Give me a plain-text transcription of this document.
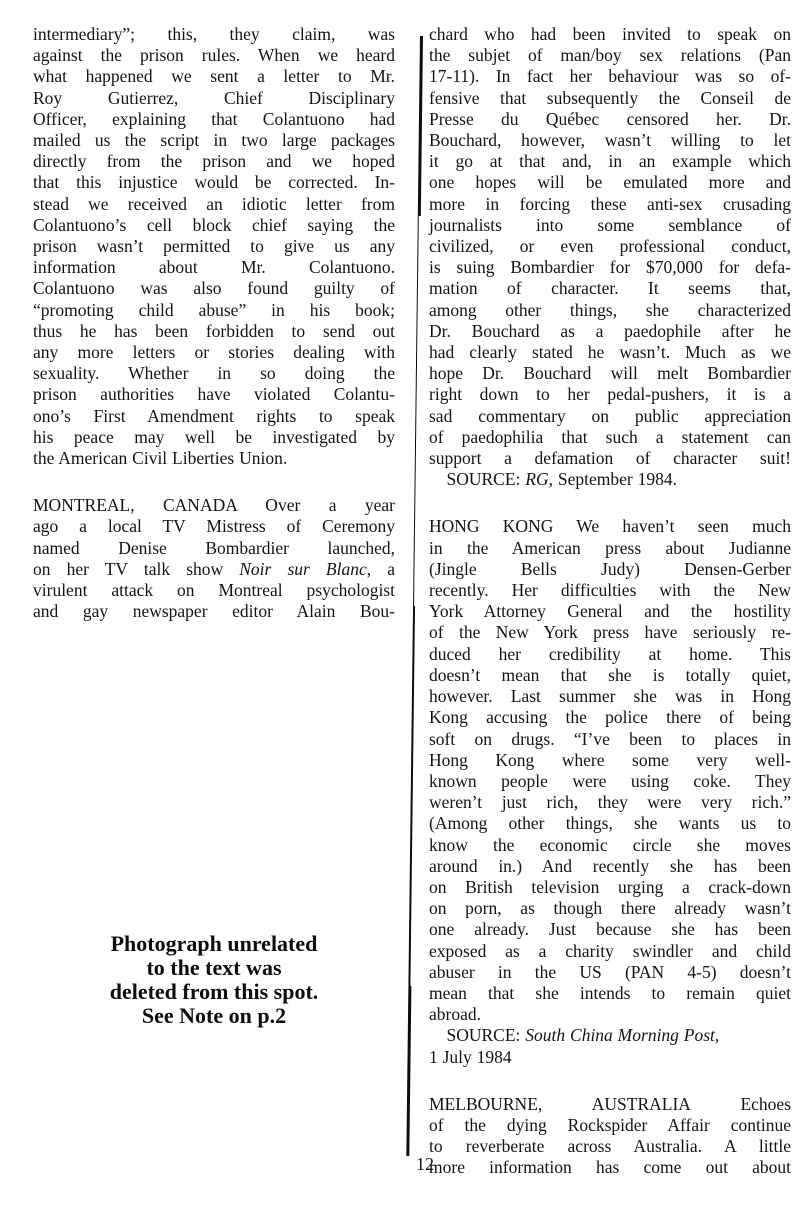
intermediary”; this, they claim, was
against the prison rules. When we heard
what happened we sent a letter to Mr.
Roy Gutierrez, Chief Disciplinary
Officer, explaining that Colantuono had
mailed us the script in two large packages
directly from the prison and we hoped
that this injustice would be corrected. In-
stead we received an idiotic letter from
Colantuono’s cell block chief saying the
prison wasn’t permitted to give us any
information about Mr. Colantuono.
Colantuono was also found guilty of
“promoting child abuse” in his book;
thus he has been forbidden to send out
any more letters or stories dealing with
sexuality. Whether in so doing the
prison authorities have violated Colantu-
ono’s First Amendment rights to speak
his peace may well be investigated by
the American Civil Liberties Union.
MONTREAL, CANADA Over a year
ago a local TV Mistress of Ceremony
named Denise Bombardier launched,
on her TV talk show Noir sur Blanc, a
virulent attack on Montreal psychologist
and gay newspaper editor Alain Bou-
Photograph unrelated
to the text was
deleted from this spot.
See Note on p.2
chard who had been invited to speak on
the subjet of man/boy sex relations (Pan
17-11). In fact her behaviour was so of-
fensive that subsequently the Conseil de
Presse du Québec censored her. Dr.
Bouchard, however, wasn’t willing to let
it go at that and, in an example which
one hopes will be emulated more and
more in forcing these anti-sex crusading
journalists into some semblance of
civilized, or even professional conduct,
is suing Bombardier for $70,000 for defa-
mation of character. It seems that,
among other things, she characterized
Dr. Bouchard as a paedophile after he
had clearly stated he wasn’t. Much as we
hope Dr. Bouchard will melt Bombardier
right down to her pedal-pushers, it is a
sad commentary on public appreciation
of paedophilia that such a statement can
support a defamation of character suit!
 SOURCE: RG, September 1984.
HONG KONG We haven’t seen much
in the American press about Judianne
(Jingle Bells Judy) Densen-Gerber
recently. Her difficulties with the New
York Attorney General and the hostility
of the New York press have seriously re-
duced her credibility at home. This
doesn’t mean that she is totally quiet,
however. Last summer she was in Hong
Kong accusing the police there of being
soft on drugs. “I’ve been to places in
Hong Kong where some very well-
known people were using coke. They
weren’t just rich, they were very rich.”
(Among other things, she wants us to
know the economic circle she moves
around in.) And recently she has been
on British television urging a crack-down
on porn, as though there already wasn’t
one already. Just because she has been
exposed as a charity swindler and child
abuser in the US (PAN 4-5) doesn’t
mean that she intends to remain quiet
abroad.
 SOURCE: South China Morning Post,
1 July 1984
MELBOURNE, AUSTRALIA Echoes
of the dying Rockspider Affair continue
to reverberate across Australia. A little
more information has come out about
12
